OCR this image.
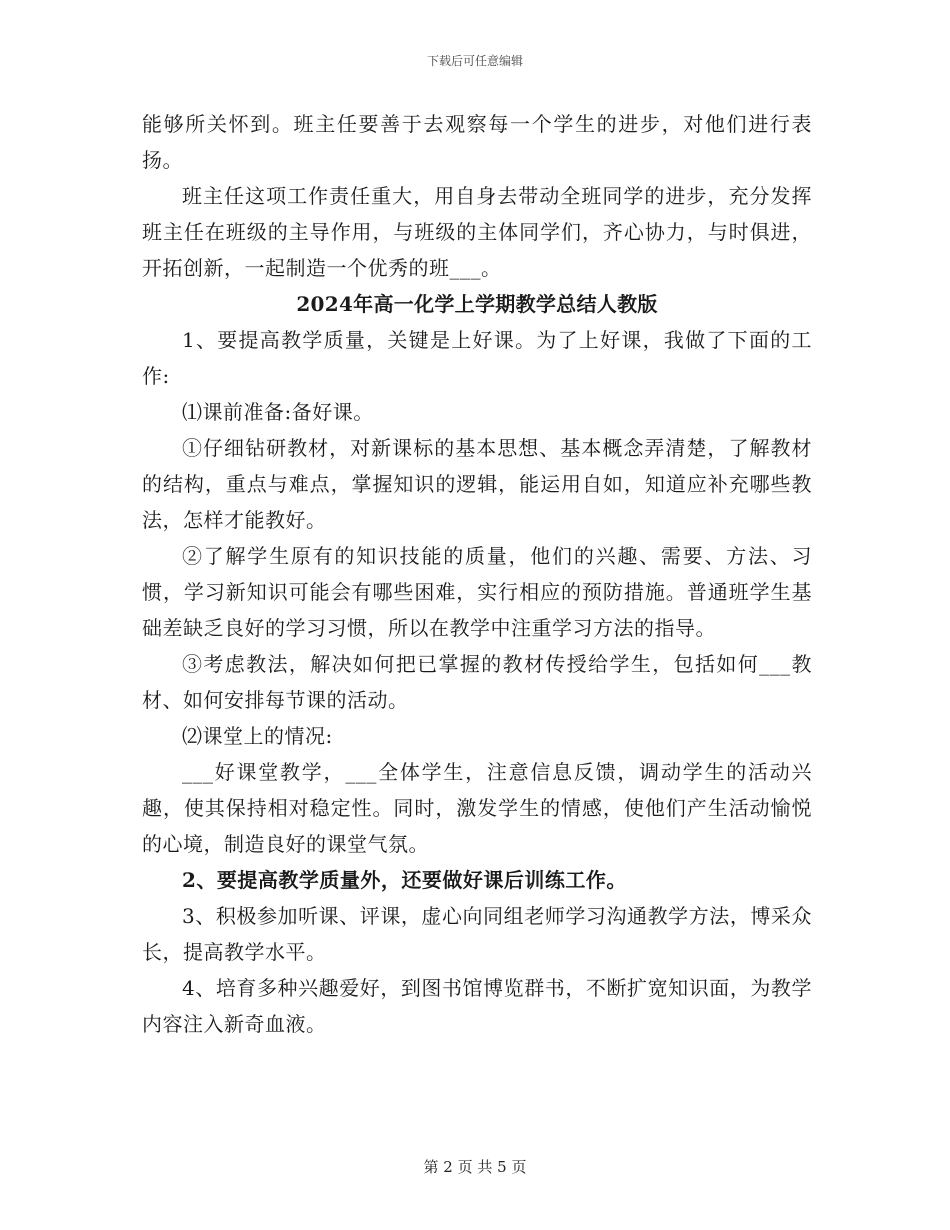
下载后可任意编辑

能够所关怀到。班主任要善于去观察每一个学生的进步，对他们进行表扬。

班主任这项工作责任重大，用自身去带动全班同学的进步，充分发挥班主任在班级的主导作用，与班级的主体同学们，齐心协力，与时俱进，开拓创新，一起制造一个优秀的班___。

2024年高一化学上学期教学总结人教版

1、要提高教学质量，关键是上好课。为了上好课，我做了下面的工作:

⑴课前准备:备好课。

①仔细钻研教材，对新课标的基本思想、基本概念弄清楚，了解教材的结构，重点与难点，掌握知识的逻辑，能运用自如，知道应补充哪些教法，怎样才能教好。

②了解学生原有的知识技能的质量，他们的兴趣、需要、方法、习惯，学习新知识可能会有哪些困难，实行相应的预防措施。普通班学生基础差缺乏良好的学习习惯，所以在教学中注重学习方法的指导。

③考虑教法，解决如何把已掌握的教材传授给学生，包括如何___教材、如何安排每节课的活动。

⑵课堂上的情况:

___好课堂教学，___全体学生，注意信息反馈，调动学生的活动兴趣，使其保持相对稳定性。同时，激发学生的情感，使他们产生活动愉悦的心境，制造良好的课堂气氛。

2、要提高教学质量外，还要做好课后训练工作。

3、积极参加听课、评课，虚心向同组老师学习沟通教学方法，博采众长，提高教学水平。

4、培育多种兴趣爱好，到图书馆博览群书，不断扩宽知识面，为教学内容注入新奇血液。

第 2 页 共 5 页
